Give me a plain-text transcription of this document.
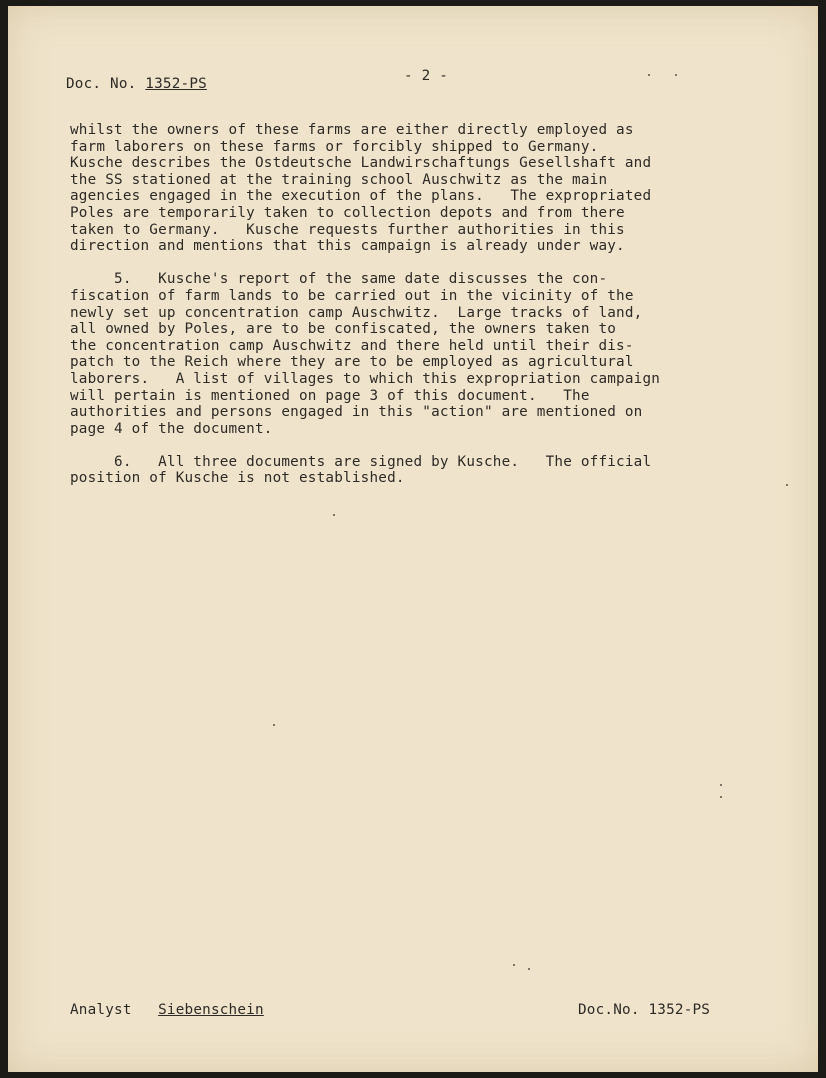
Doc. No. 1352-PS	- 2 -
whilst the owners of these farms are either directly employed as
farm laborers on these farms or forcibly shipped to Germany.
Kusche describes the Ostdeutsche Landwirschaftungs Gesellshaft and
the SS stationed at the training school Auschwitz as the main
agencies engaged in the execution of the plans.   The expropriated
Poles are temporarily taken to collection depots and from there
taken to Germany.   Kusche requests further authorities in this
direction and mentions that this campaign is already under way.
5.   Kusche's report of the same date discusses the con-
fiscation of farm lands to be carried out in the vicinity of the
newly set up concentration camp Auschwitz.  Large tracks of land,
all owned by Poles, are to be confiscated, the owners taken to
the concentration camp Auschwitz and there held until their dis-
patch to the Reich where they are to be employed as agricultural
laborers.   A list of villages to which this expropriation campaign
will pertain is mentioned on page 3 of this document.   The
authorities and persons engaged in this "action" are mentioned on
page 4 of the document.
6.   All three documents are signed by Kusche.   The official
position of Kusche is not established.
Analyst Siebenschein	Doc.No. 1352-PS
